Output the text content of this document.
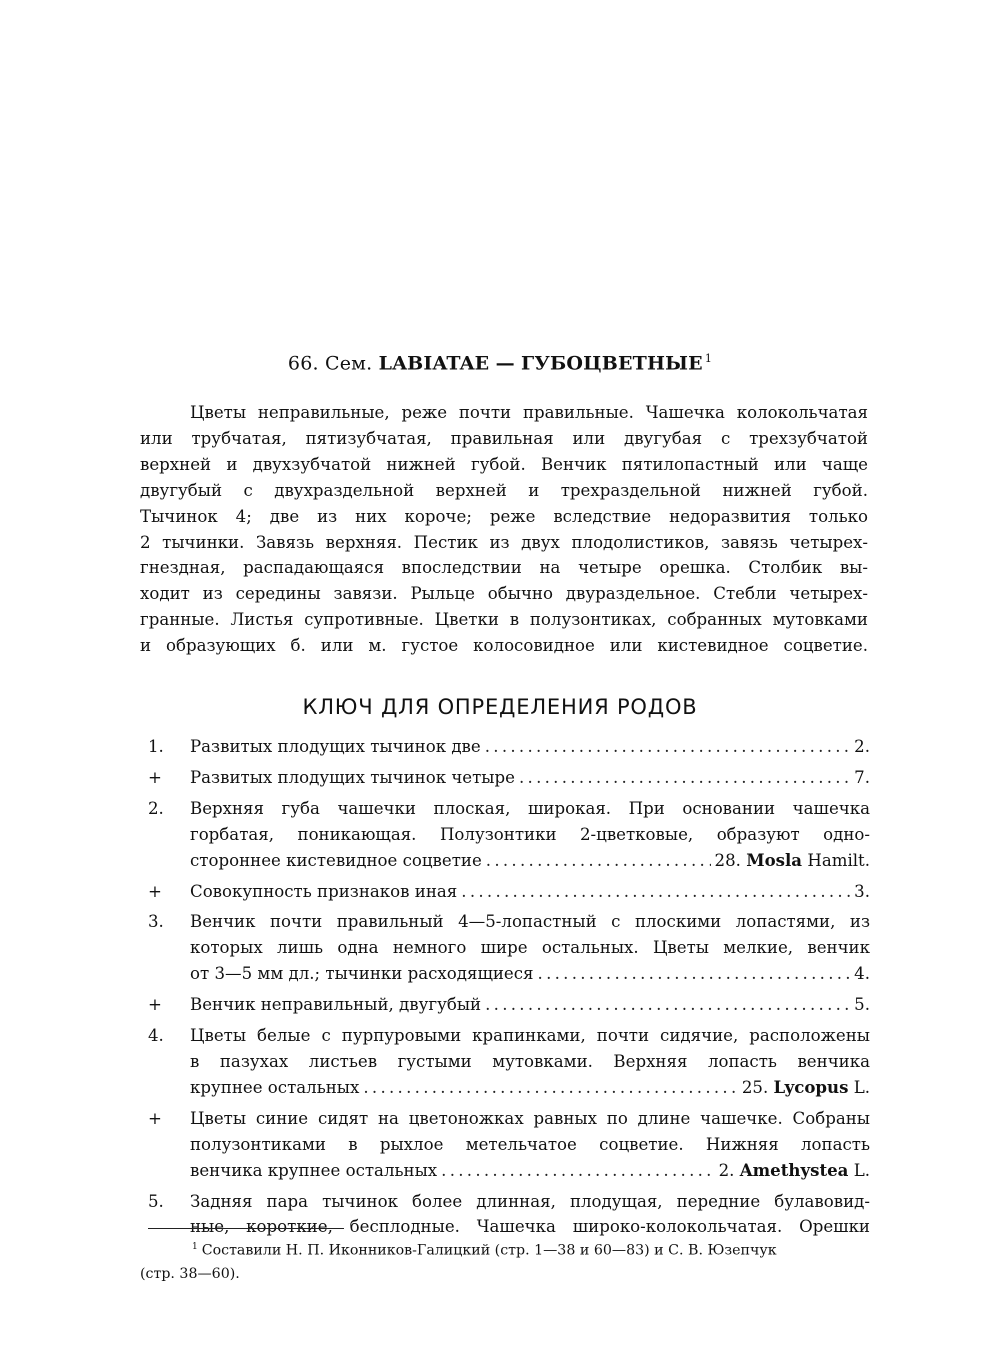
66. Сем. LABIATAE — ГУБОЦВЕТНЫЕ $^1$
Цветы неправильные, реже почти правильные. Чашечка колокольчатая
или трубчатая, пятизубчатая, правильная или двугубая с трехзубчатой
верхней и двухзубчатой нижней губой. Венчик пятилопастный или чаще
двугубый с двухраздельной верхней и трехраздельной нижней губой.
Тычинок 4; две из них короче; реже вследствие недоразвития только
2 тычинки. Завязь верхняя. Пестик из двух плодолистиков, завязь четырех-
гнездная, распадающаяся впоследствии на четыре орешка. Столбик вы-
ходит из середины завязи. Рыльце обычно двураздельное. Стебли четырех-
гранные. Листья супротивные. Цветки в полузонтиках, собранных мутовками
и образующих б. или м. густое колосовидное или кистевидное соцветие.
КЛЮЧ ДЛЯ ОПРЕДЕЛЕНИЯ РОДОВ
1.	Развитых плодущих тычинок две . . .	2.
+	Развитых плодущих тычинок четыре . . .	7.
2.	Верхняя губа чашечки плоская, широкая. При основании чашечка
горбатая, поникающая. Полузонтики 2-цветковые, образуют одно-
стороннее кистевидное соцветие . . .	28. Mosla Hamilt.
+	Совокупность признаков иная . . .	3.
3.	Венчик почти правильный 4—5-лопастный с плоскими лопастями, из
которых лишь одна немного шире остальных. Цветы мелкие, венчик
от 3—5 мм дл.; тычинки расходящиеся . . .	4.
+	Венчик неправильный, двугубый . . .	5.
4.	Цветы белые с пурпуровыми крапинками, почти сидячие, расположены
в пазухах листьев густыми мутовками. Верхняя лопасть венчика
крупнее остальных . . .	25. Lycopus L.
+	Цветы синие сидят на цветоножках равных по длине чашечке. Собраны
полузонтиками в рыхлое метельчатое соцветие. Нижняя лопасть
венчика крупнее остальных . . .	2. Amethystea L.
5.	Задняя пара тычинок более длинная, плодущая, передние булавовид-
ные, короткие, бесплодные. Чашечка широко-колокольчатая. Орешки
$^1$ Составили Н. П. Иконников-Галицкий (стр. 1—38 и 60—83) и С. В. Юзепчук
(стр. 38—60).
